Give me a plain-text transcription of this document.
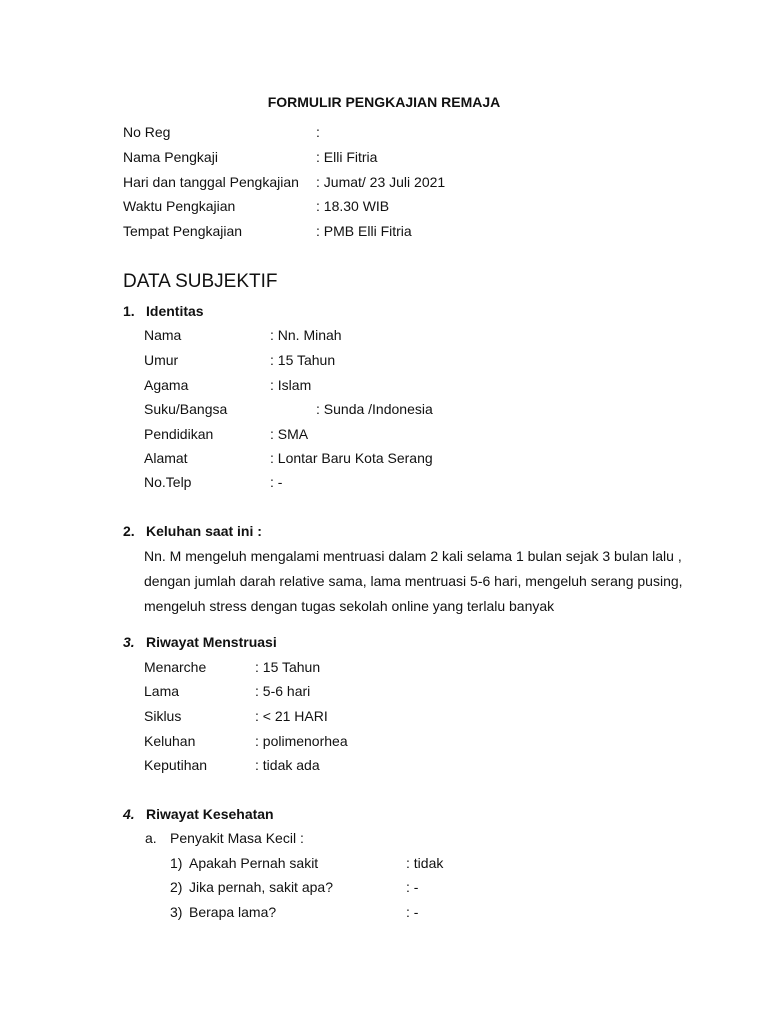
FORMULIR PENGKAJIAN REMAJA
No Reg	:
Nama Pengkaji	: Elli Fitria
Hari dan tanggal Pengkajian : Jumat/ 23 Juli 2021
Waktu Pengkajian	: 18.30 WIB
Tempat Pengkajian	: PMB Elli Fitria
DATA SUBJEKTIF
1. Identitas
Nama	: Nn. Minah
Umur	: 15 Tahun
Agama	: Islam
Suku/Bangsa	: Sunda /Indonesia
Pendidikan	: SMA
Alamat	: Lontar Baru Kota Serang
No.Telp	: -
2. Keluhan saat ini :
Nn. M mengeluh mengalami mentruasi dalam 2 kali selama 1 bulan sejak 3 bulan lalu ,
dengan jumlah darah relative sama, lama mentruasi 5-6 hari, mengeluh serang pusing,
mengeluh stress dengan tugas sekolah online yang terlalu banyak
3. Riwayat Menstruasi
Menarche	: 15 Tahun
Lama	: 5-6 hari
Siklus	: < 21 HARI
Keluhan	: polimenorhea
Keputihan	: tidak ada
4. Riwayat Kesehatan
a. Penyakit Masa Kecil :
1) Apakah Pernah sakit	: tidak
2) Jika pernah, sakit apa?	: -
3) Berapa lama?	: -
